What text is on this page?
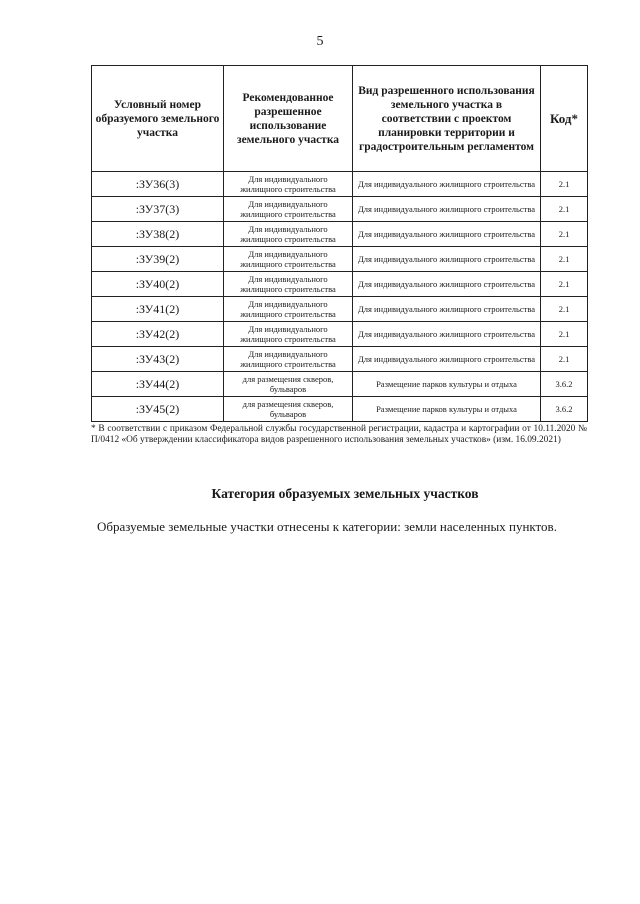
5
Условный номер образуемого земельного участка	Рекомендованное разрешенное использование земельного участка	Вид разрешенного использования земельного участка в соответствии с проектом планировки территории и градостроительным регламентом	Код*
:ЗУ36(3)	Для индивидуального жилищного строительства	Для индивидуального жилищного строительства	2.1
:ЗУ37(3)	Для индивидуального жилищного строительства	Для индивидуального жилищного строительства	2.1
:ЗУ38(2)	Для индивидуального жилищного строительства	Для индивидуального жилищного строительства	2.1
:ЗУ39(2)	Для индивидуального жилищного строительства	Для индивидуального жилищного строительства	2.1
:ЗУ40(2)	Для индивидуального жилищного строительства	Для индивидуального жилищного строительства	2.1
:ЗУ41(2)	Для индивидуального жилищного строительства	Для индивидуального жилищного строительства	2.1
:ЗУ42(2)	Для индивидуального жилищного строительства	Для индивидуального жилищного строительства	2.1
:ЗУ43(2)	Для индивидуального жилищного строительства	Для индивидуального жилищного строительства	2.1
:ЗУ44(2)	для размещения скверов, бульваров	Размещение парков культуры и отдыха	3.6.2
:ЗУ45(2)	для размещения скверов, бульваров	Размещение парков культуры и отдыха	3.6.2
* В соответствии с приказом Федеральной службы государственной регистрации, кадастра и картографии от 10.11.2020 № П/0412 «Об утверждении классификатора видов разрешенного использования земельных участков» (изм. 16.09.2021)
Категория образуемых земельных участков
Образуемые земельные участки отнесены к категории: земли населенных пунктов.
